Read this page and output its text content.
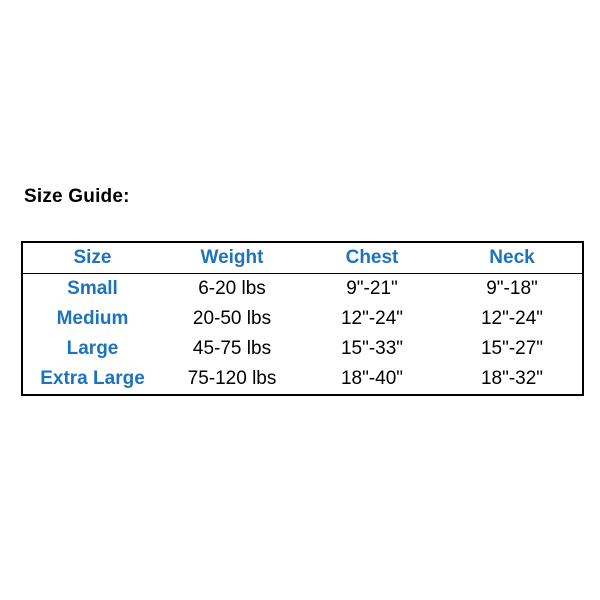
Size Guide:
Size	Weight	Chest	Neck
Small	6-20 lbs	9"-21"	9"-18"
Medium	20-50 lbs	12"-24"	12"-24"
Large	45-75 lbs	15"-33"	15"-27"
Extra Large	75-120 lbs	18"-40"	18"-32"
